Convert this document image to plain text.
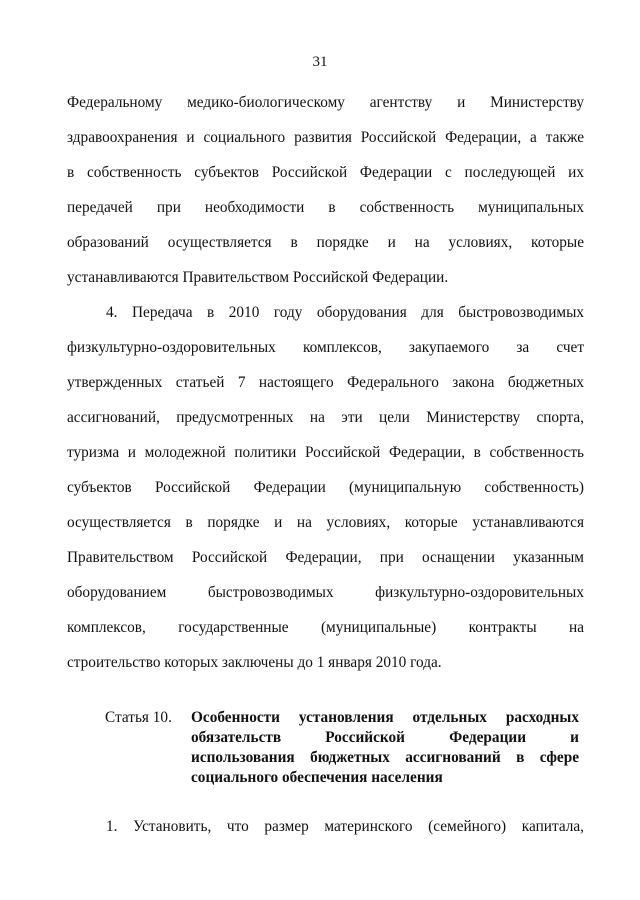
31
Федеральному медико-биологическому агентству и Министерству
здравоохранения и социального развития Российской Федерации, а также
в собственность субъектов Российской Федерации с последующей их
передачей при необходимости в собственность муниципальных
образований осуществляется в порядке и на условиях, которые
устанавливаются Правительством Российской Федерации.
4. Передача в 2010 году оборудования для быстровозводимых
физкультурно-оздоровительных комплексов, закупаемого за счет
утвержденных статьей 7 настоящего Федерального закона бюджетных
ассигнований, предусмотренных на эти цели Министерству спорта,
туризма и молодежной политики Российской Федерации, в собственность
субъектов Российской Федерации (муниципальную собственность)
осуществляется в порядке и на условиях, которые устанавливаются
Правительством Российской Федерации, при оснащении указанным
оборудованием быстровозводимых физкультурно-оздоровительных
комплексов, государственные (муниципальные) контракты на
строительство которых заключены до 1 января 2010 года.
Статья 10. Особенности установления отдельных расходных
обязательств Российской Федерации и
использования бюджетных ассигнований в сфере
социального обеспечения населения
1. Установить, что размер материнского (семейного) капитала,
